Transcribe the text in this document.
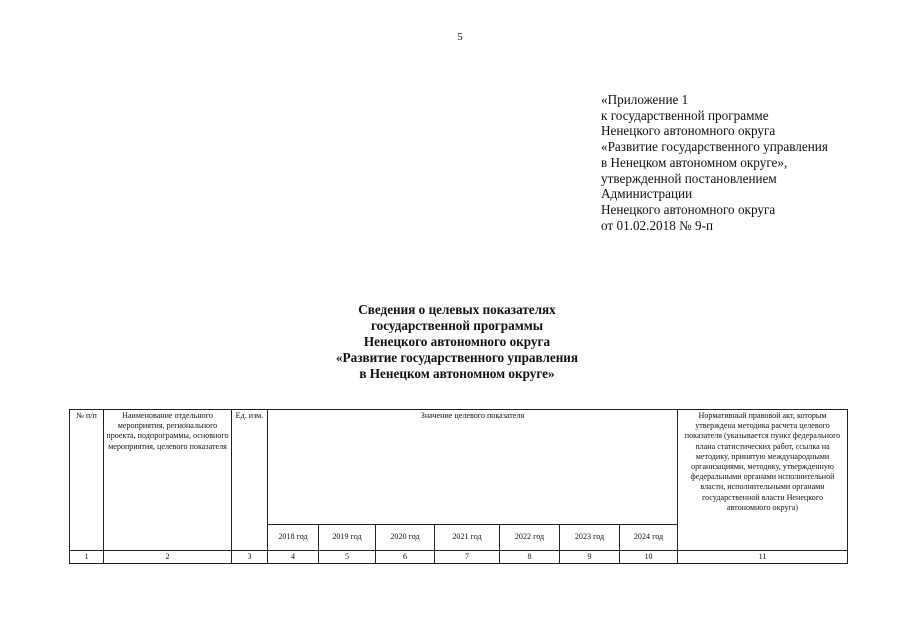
5
«Приложение 1
к государственной программе
Ненецкого автономного округа
«Развитие государственного управления
в Ненецком автономном округе»,
утвержденной постановлением
Администрации
Ненецкого автономного округа
от 01.02.2018 № 9-п
Сведения о целевых показателях
государственной программы
Ненецкого автономного округа
«Развитие государственного управления
в Ненецком автономном округе»
№ п/п	Наименование отдельного мероприятия, регионального проекта, подпрограммы, основного мероприятия, целевого показателя	Ед. изм.	Значение целевого показателя							Нормативный правовой акт, которым утверждена методика расчета целевого показателя (указывается пункт федерального плана статистических работ, ссылка на методику, принятую международными организациями, методику, утвержденную федеральными органами исполнительной власти, исполнительными органами государственной власти Ненецкого автономного округа)
			2018 год	2019 год	2020 год	2021 год	2022 год	2023 год	2024 год	
1	2	3	4	5	6	7	8	9	10	11
